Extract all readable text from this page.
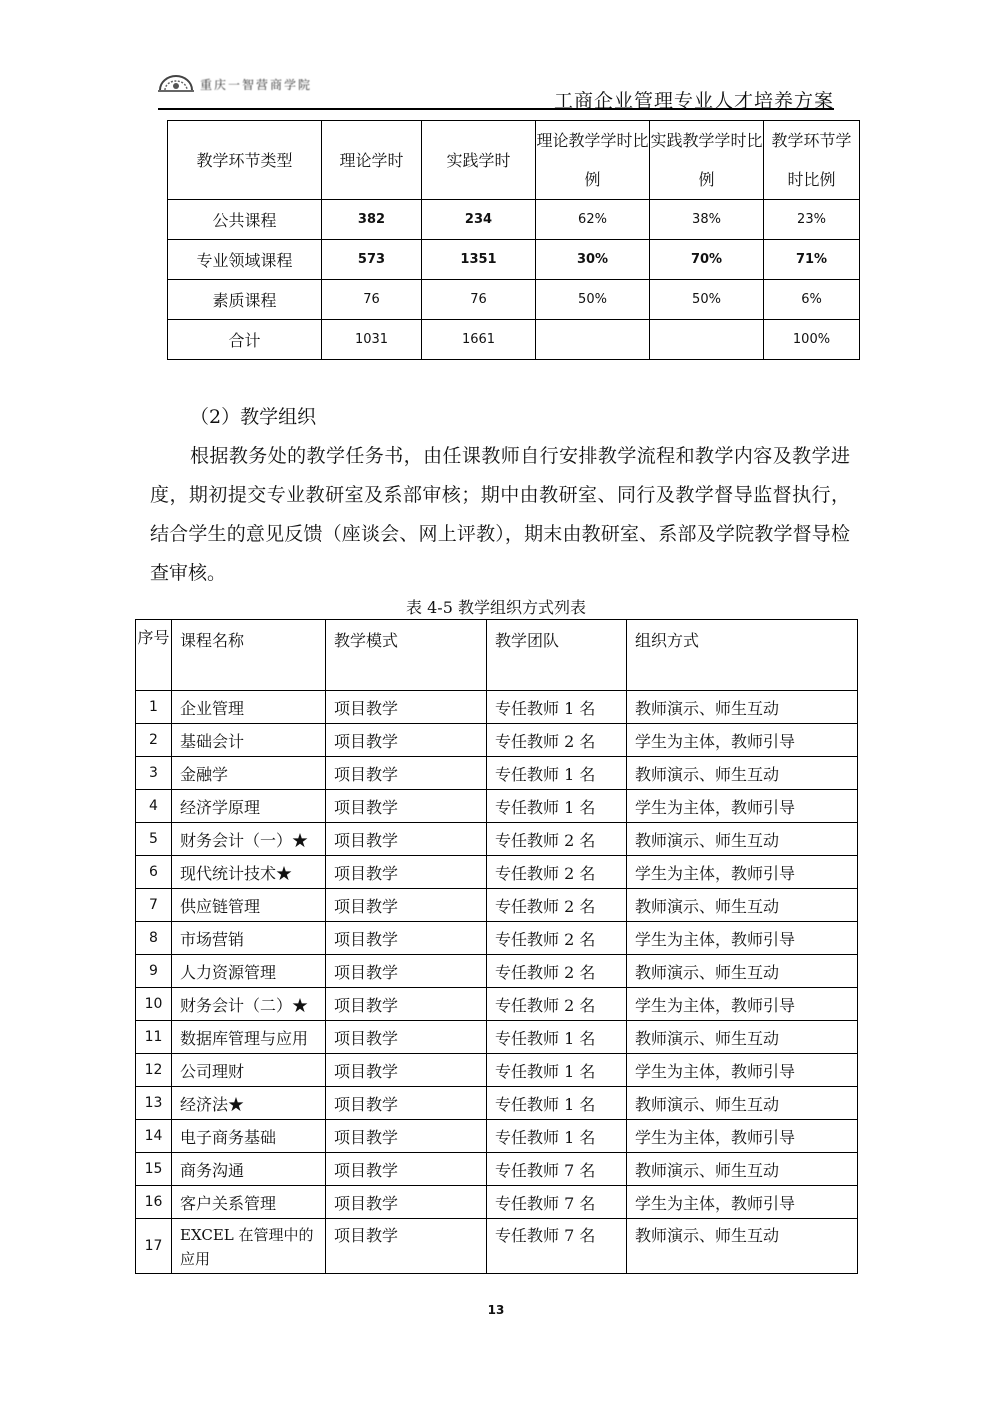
重庆一智营商学院
工商企业管理专业人才培养方案
教学环节类型	理论学时	实践学时	理论教学学时比例	实践教学学时比例	教学环节学时比例
公共课程	382	234	62%	38%	23%
专业领域课程	573	1351	30%	70%	71%
素质课程	76	76	50%	50%	6%
合计	1031	1661			100%
（2）教学组织

根据教务处的教学任务书，由任课教师自行安排教学流程和教学内容及教学进度，期初提交专业教研室及系部审核；期中由教研室、同行及教学督导监督执行，结合学生的意见反馈（座谈会、网上评教），期末由教研室、系部及学院教学督导检查审核。

表 4-5 教学组织方式列表
序号	课程名称	教学模式	教学团队	组织方式
1	企业管理	项目教学	专任教师 1 名	教师演示、师生互动
2	基础会计	项目教学	专任教师 2 名	学生为主体，教师引导
3	金融学	项目教学	专任教师 1 名	教师演示、师生互动
4	经济学原理	项目教学	专任教师 1 名	学生为主体，教师引导
5	财务会计（一）★	项目教学	专任教师 2 名	教师演示、师生互动
6	现代统计技术★	项目教学	专任教师 2 名	学生为主体，教师引导
7	供应链管理	项目教学	专任教师 2 名	教师演示、师生互动
8	市场营销	项目教学	专任教师 2 名	学生为主体，教师引导
9	人力资源管理	项目教学	专任教师 2 名	教师演示、师生互动
10	财务会计（二）★	项目教学	专任教师 2 名	学生为主体，教师引导
11	数据库管理与应用	项目教学	专任教师 1 名	教师演示、师生互动
12	公司理财	项目教学	专任教师 1 名	学生为主体，教师引导
13	经济法★	项目教学	专任教师 1 名	教师演示、师生互动
14	电子商务基础	项目教学	专任教师 1 名	学生为主体，教师引导
15	商务沟通	项目教学	专任教师 7 名	教师演示、师生互动
16	客户关系管理	项目教学	专任教师 7 名	学生为主体，教师引导
17	EXCEL 在管理中的应用	项目教学	专任教师 7 名	教师演示、师生互动
13
